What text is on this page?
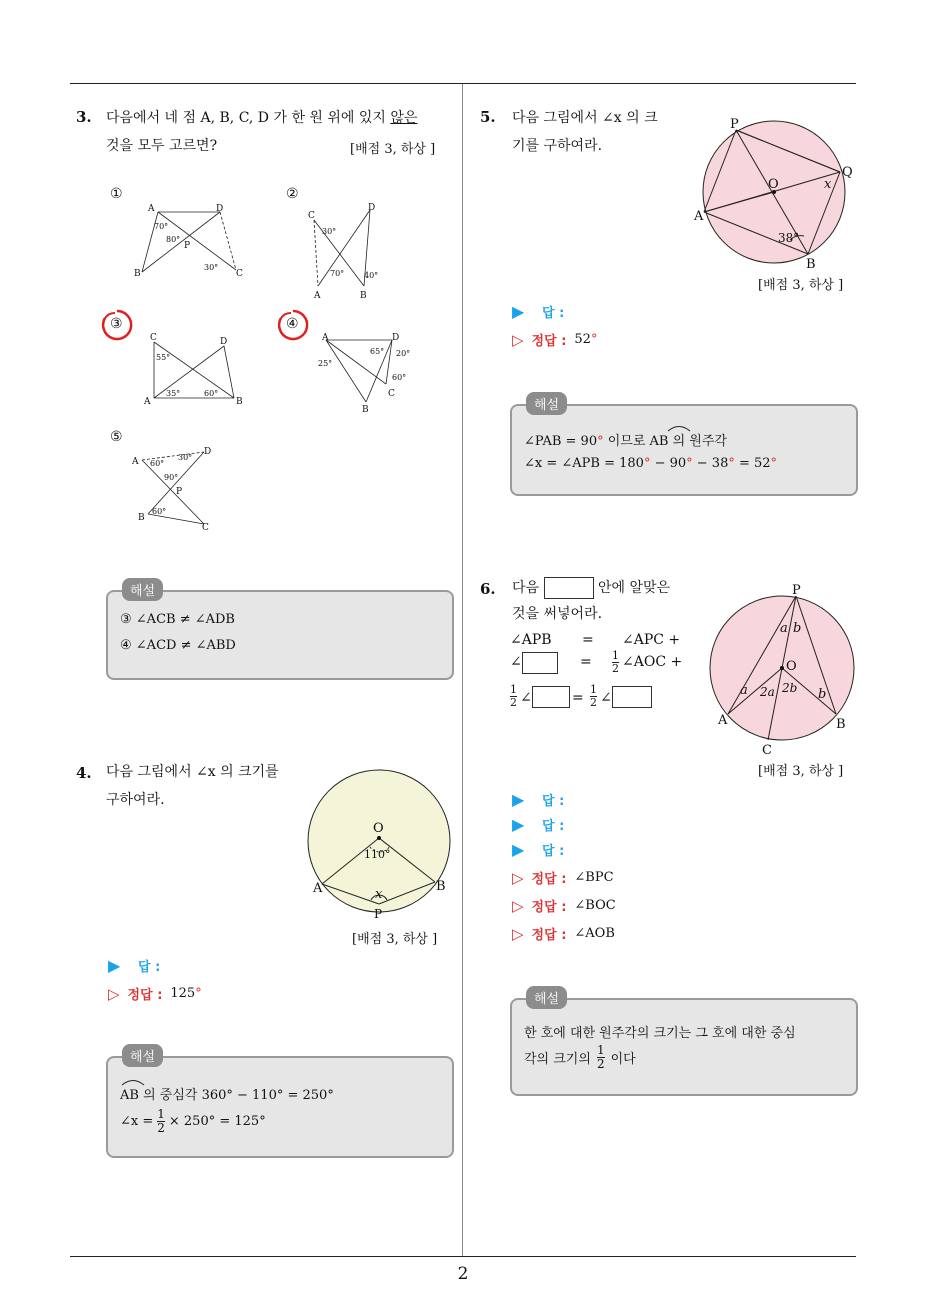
3. 다음에서 네 점 A, B, C, D 가 한 원 위에 있지 않은
것을 모두 고르면?	[배점 3, 하상 ]
①	②
③	④
⑤
A	D
B	C
P
70°
80°
30°
C
D
A	B
30°
70° 40°
C	D
A	B
55°
35°	60°
A	D
C
B
25°
65° 20°
60°
A
D
B
C
P
60°
30°
90°
60°
해설
③ ∠ACB ≠ ∠ADB
④ ∠ACD ≠ ∠ABD
4. 다음 그림에서 ∠x 의 크기를
구하여라.
O
A	B
P
x
110°
[배점 3, 하상 ]
▶	답 :
▷ 정답 : 125°
해설
AB 의 중심각 360° − 110° = 250°
∠x = $\frac{1}{2} \times 250^\circ = 125^\circ$
5. 다음 그림에서 ∠x 의 크
기를 구하여라.
P
Q
O
A
B
x
38°
[배점 3, 하상 ]
▶	답 :
▷ 정답 : 52°
해설
∠PAB = 90° 이므로 AB 의 원주각
∠x = ∠APB = 180° − 90° − 38° = 52°
6. 다음	안에 알맞은
것을 써넣어라.
∠APB = ∠APC +
∠	= $\frac{1}{2}$ ∠AOC +
$\frac{1}{2}$ ∠	= $\frac{1}{2}$ ∠
P
O
A	B
C
a b
a 2a 2b b
[배점 3, 하상 ]
▶	답 :
▶	답 :
▶	답 :
▷ 정답 : ∠BPC
▷ 정답 : ∠BOC
▷ 정답 : ∠AOB
해설
한 호에 대한 원주각의 크기는 그 호에 대한 중심
각의 크기의 $\frac{1}{2}$ 이다
2
